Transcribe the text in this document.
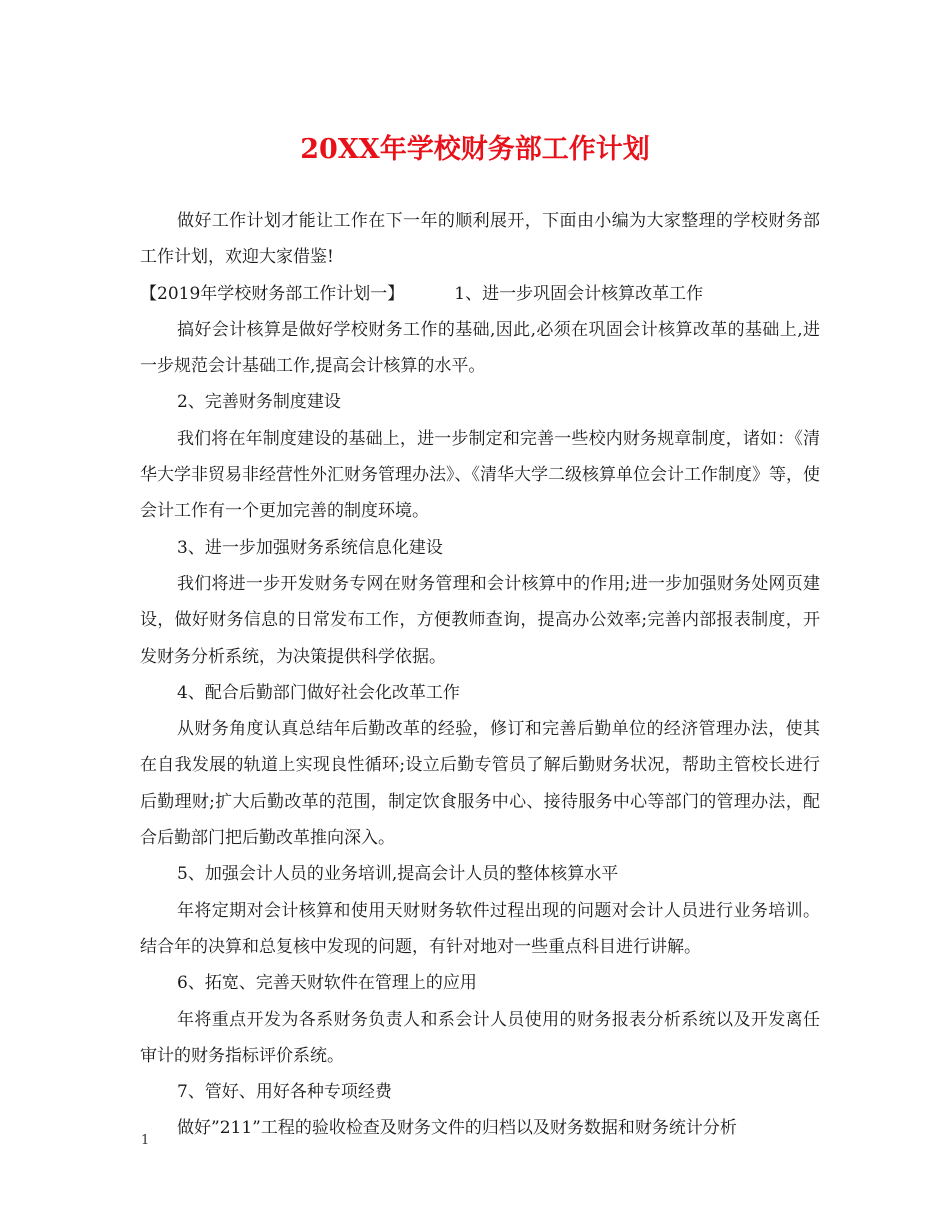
20XX年学校财务部工作计划

做好工作计划才能让工作在下一年的顺利展开，下面由小编为大家整理的学校财务部工作计划，欢迎大家借鉴!

【2019年学校财务部工作计划一】	1、进一步巩固会计核算改革工作

搞好会计核算是做好学校财务工作的基础,因此,必须在巩固会计核算改革的基础上,进一步规范会计基础工作,提高会计核算的水平。

2、完善财务制度建设

我们将在年制度建设的基础上，进一步制定和完善一些校内财务规章制度，诸如：《清华大学非贸易非经营性外汇财务管理办法》、《清华大学二级核算单位会计工作制度》等，使会计工作有一个更加完善的制度环境。

3、进一步加强财务系统信息化建设

我们将进一步开发财务专网在财务管理和会计核算中的作用;进一步加强财务处网页建设，做好财务信息的日常发布工作，方便教师查询，提高办公效率;完善内部报表制度，开发财务分析系统，为决策提供科学依据。

4、配合后勤部门做好社会化改革工作

从财务角度认真总结年后勤改革的经验，修订和完善后勤单位的经济管理办法，使其在自我发展的轨道上实现良性循环;设立后勤专管员了解后勤财务状况，帮助主管校长进行后勤理财;扩大后勤改革的范围，制定饮食服务中心、接待服务中心等部门的管理办法，配合后勤部门把后勤改革推向深入。

5、加强会计人员的业务培训,提高会计人员的整体核算水平

年将定期对会计核算和使用天财财务软件过程出现的问题对会计人员进行业务培训。结合年的决算和总复核中发现的问题，有针对地对一些重点科目进行讲解。

6、拓宽、完善天财软件在管理上的应用

年将重点开发为各系财务负责人和系会计人员使用的财务报表分析系统以及开发离任审计的财务指标评价系统。

7、管好、用好各种专项经费

做好”211”工程的验收检查及财务文件的归档以及财务数据和财务统计分析

1
